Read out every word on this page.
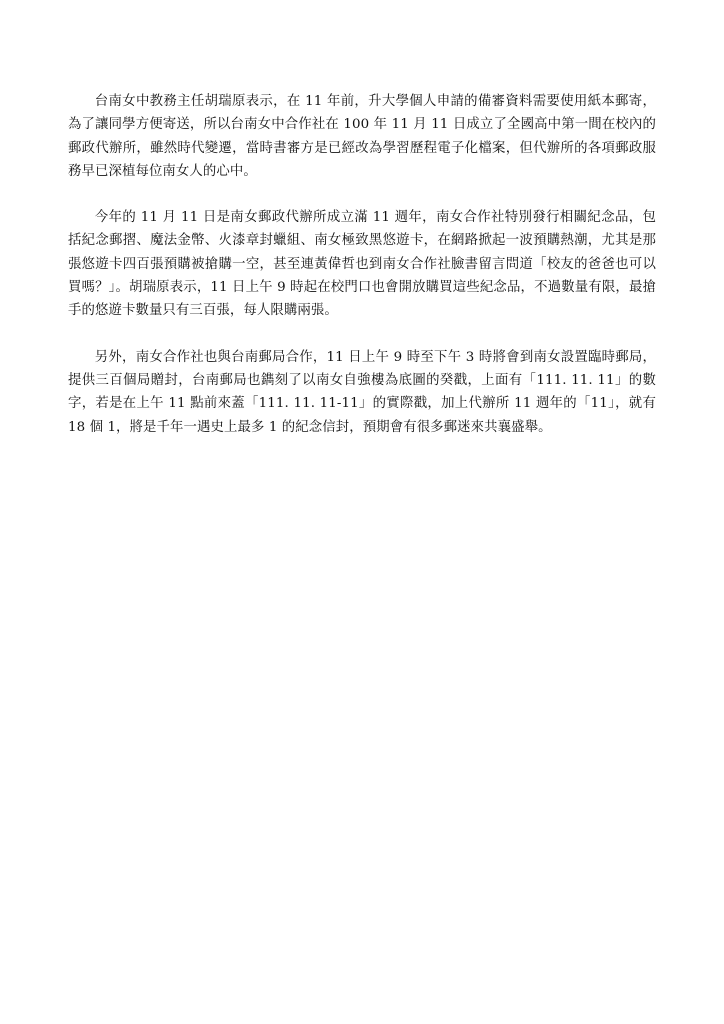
台南女中教務主任胡瑞原表示，在 11 年前，升大學個人申請的備審資料需要使用紙本郵寄，為了讓同學方便寄送，所以台南女中合作社在 100 年 11 月 11 日成立了全國高中第一間在校內的郵政代辦所，雖然時代變遷，當時書審方是已經改為學習歷程電子化檔案，但代辦所的各項郵政服務早已深植每位南女人的心中。

今年的 11 月 11 日是南女郵政代辦所成立滿 11 週年，南女合作社特別發行相關紀念品，包括紀念郵摺、魔法金幣、火漆章封蠟組、南女極致黑悠遊卡，在網路掀起一波預購熱潮，尤其是那張悠遊卡四百張預購被搶購一空，甚至連黃偉哲也到南女合作社臉書留言問道「校友的爸爸也可以買嗎？」。胡瑞原表示，11 日上午 9 時起在校門口也會開放購買這些紀念品，不過數量有限，最搶手的悠遊卡數量只有三百張，每人限購兩張。

另外，南女合作社也與台南郵局合作，11 日上午 9 時至下午 3 時將會到南女設置臨時郵局，提供三百個局贈封，台南郵局也鐫刻了以南女自強樓為底圖的癸戳，上面有「111. 11. 11」的數字，若是在上午 11 點前來蓋「111. 11. 11-11」的實際戳，加上代辦所 11 週年的「11」，就有 18 個 1，將是千年一遇史上最多 1 的紀念信封，預期會有很多郵迷來共襄盛舉。
